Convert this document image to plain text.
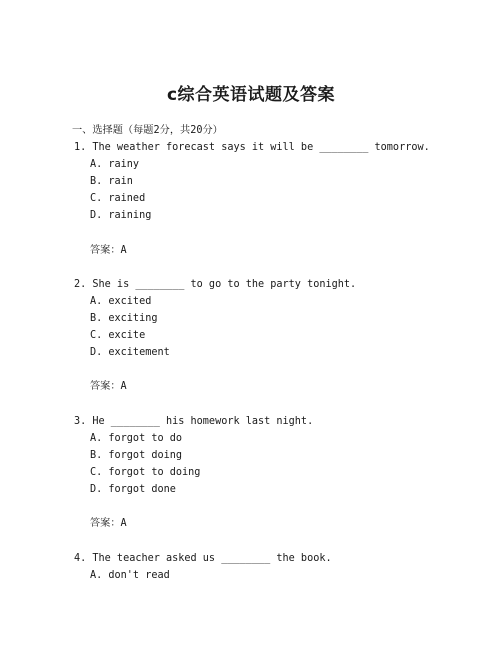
c综合英语试题及答案
一、选择题（每题2分，共20分）
1. The weather forecast says it will be ________ tomorrow.
A. rainy
B. rain
C. rained
D. raining
答案：A
2. She is ________ to go to the party tonight.
A. excited
B. exciting
C. excite
D. excitement
答案：A
3. He ________ his homework last night.
A. forgot to do
B. forgot doing
C. forgot to doing
D. forgot done
答案：A
4. The teacher asked us ________ the book.
A. don't read
